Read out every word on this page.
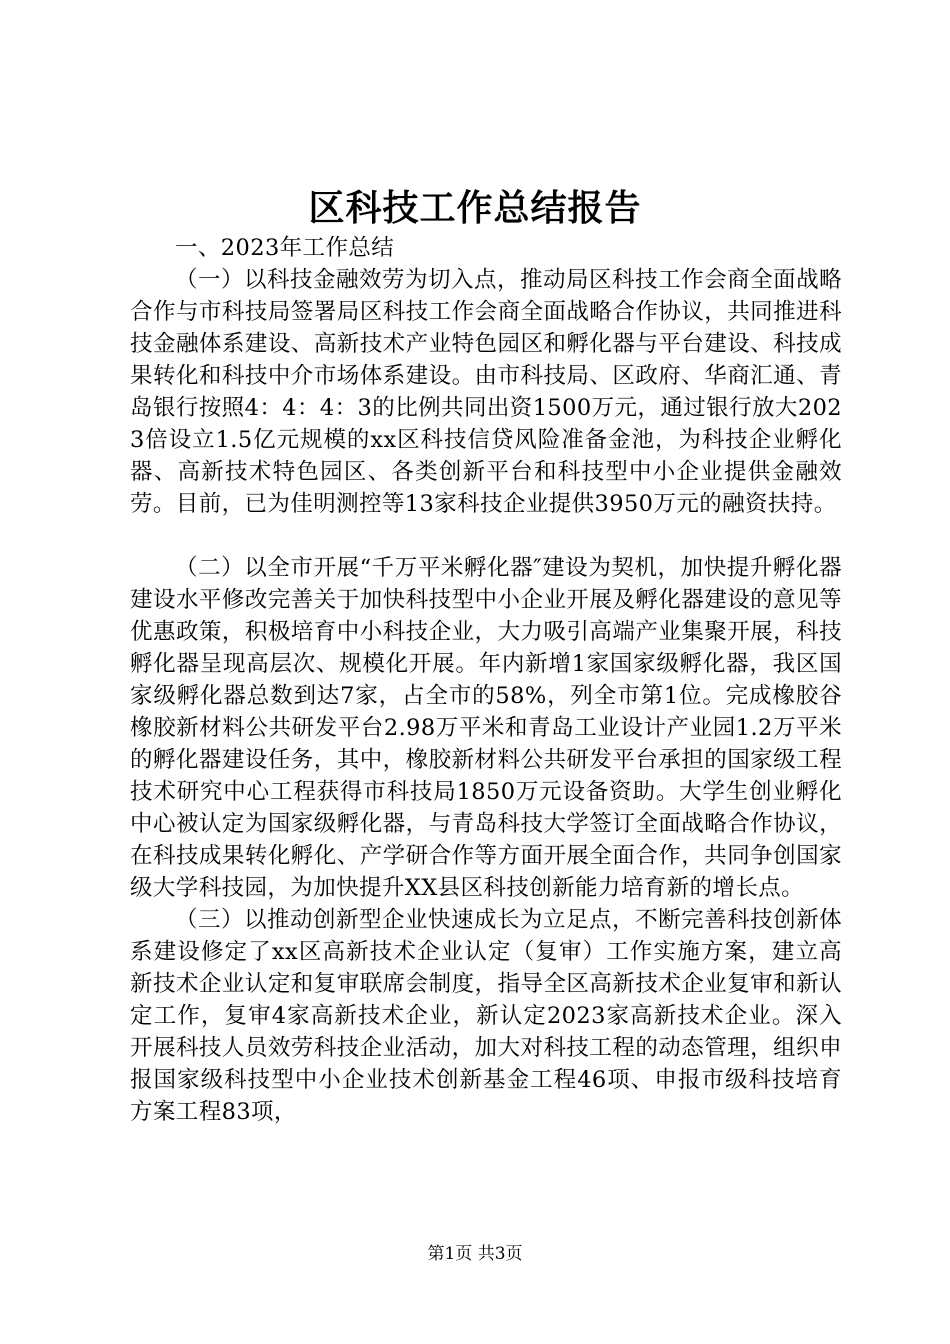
区科技工作总结报告

一、2023年工作总结

（一）以科技金融效劳为切入点，推动局区科技工作会商全面战略合作与市科技局签署局区科技工作会商全面战略合作协议，共同推进科技金融体系建设、高新技术产业特色园区和孵化器与平台建设、科技成果转化和科技中介市场体系建设。由市科技局、区政府、华商汇通、青岛银行按照4：4：4：3的比例共同出资1500万元，通过银行放大2023倍设立1.5亿元规模的xx区科技信贷风险准备金池，为科技企业孵化器、高新技术特色园区、各类创新平台和科技型中小企业提供金融效劳。目前，已为佳明测控等13家科技企业提供3950万元的融资扶持。

（二）以全市开展“千万平米孵化器″建设为契机，加快提升孵化器建设水平修改完善关于加快科技型中小企业开展及孵化器建设的意见等优惠政策，积极培育中小科技企业，大力吸引高端产业集聚开展，科技孵化器呈现高层次、规模化开展。年内新增1家国家级孵化器，我区国家级孵化器总数到达7家，占全市的58%，列全市第1位。完成橡胶谷橡胶新材料公共研发平台2.98万平米和青岛工业设计产业园1.2万平米的孵化器建设任务，其中，橡胶新材料公共研发平台承担的国家级工程技术研究中心工程获得市科技局1850万元设备资助。大学生创业孵化中心被认定为国家级孵化器，与青岛科技大学签订全面战略合作协议，在科技成果转化孵化、产学研合作等方面开展全面合作，共同争创国家级大学科技园，为加快提升XX县区科技创新能力培育新的增长点。

（三）以推动创新型企业快速成长为立足点，不断完善科技创新体系建设修定了xx区高新技术企业认定（复审）工作实施方案，建立高新技术企业认定和复审联席会制度，指导全区高新技术企业复审和新认定工作，复审4家高新技术企业，新认定2023家高新技术企业。深入开展科技人员效劳科技企业活动，加大对科技工程的动态管理，组织申报国家级科技型中小企业技术创新基金工程46项、申报市级科技培育方案工程83项，

第1页 共3页
